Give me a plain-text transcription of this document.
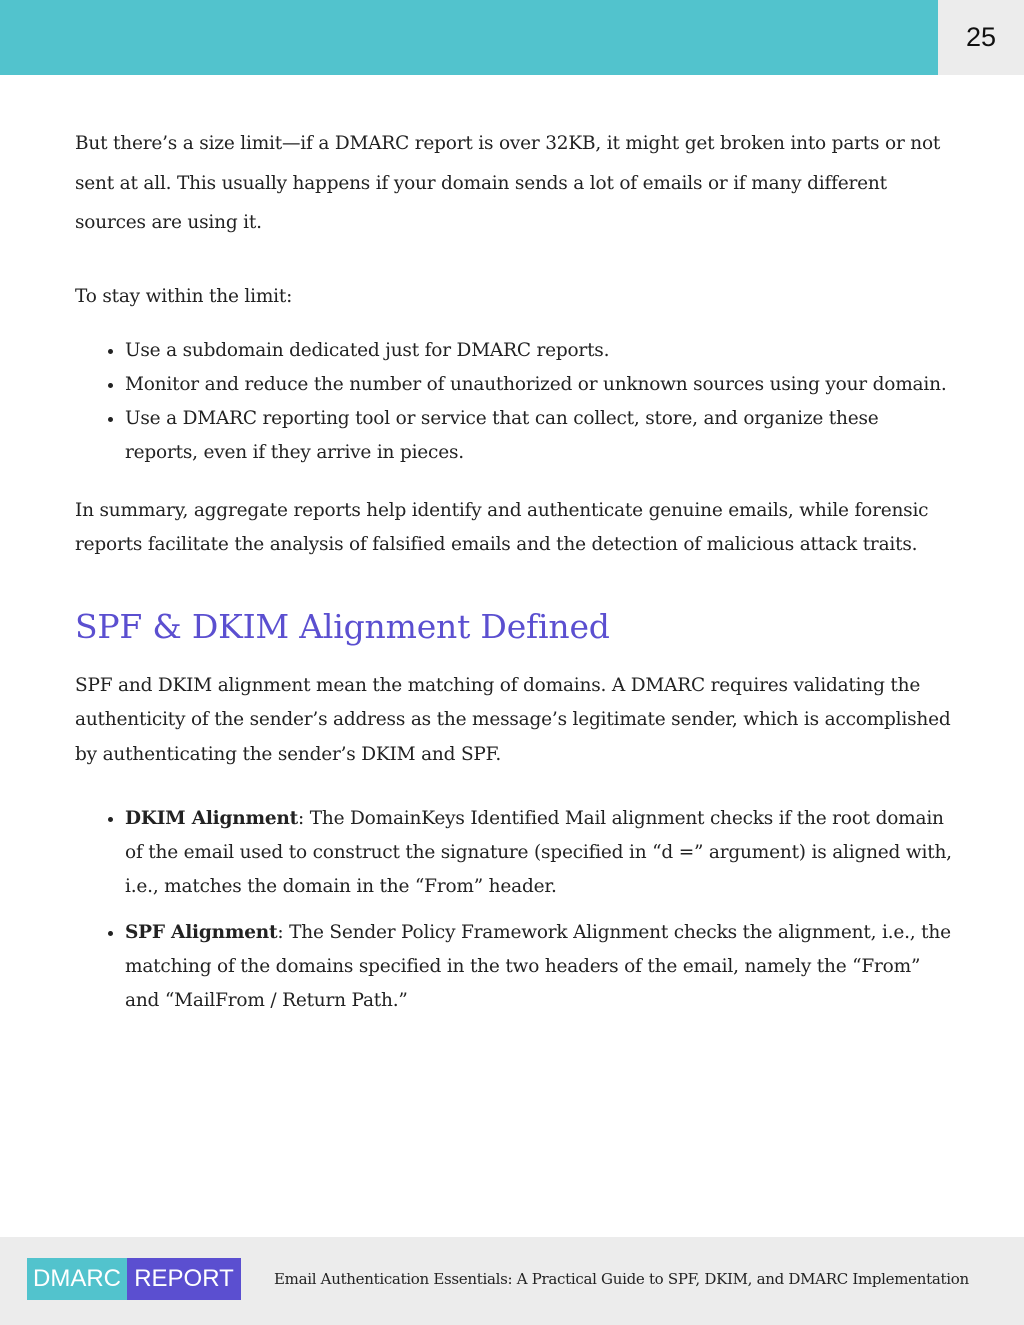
25

But there’s a size limit—if a DMARC report is over 32KB, it might get broken into parts or not sent at all. This usually happens if your domain sends a lot of emails or if many different sources are using it.

To stay within the limit:

• Use a subdomain dedicated just for DMARC reports.
• Monitor and reduce the number of unauthorized or unknown sources using your domain.
• Use a DMARC reporting tool or service that can collect, store, and organize these reports, even if they arrive in pieces.

In summary, aggregate reports help identify and authenticate genuine emails, while forensic reports facilitate the analysis of falsified emails and the detection of malicious attack traits.

SPF & DKIM Alignment Defined

SPF and DKIM alignment mean the matching of domains. A DMARC requires validating the authenticity of the sender’s address as the message’s legitimate sender, which is accomplished by authenticating the sender’s DKIM and SPF.

• DKIM Alignment: The DomainKeys Identified Mail alignment checks if the root domain of the email used to construct the signature (specified in “d =” argument) is aligned with, i.e., matches the domain in the “From” header.
• SPF Alignment: The Sender Policy Framework Alignment checks the alignment, i.e., the matching of the domains specified in the two headers of the email, namely the “From” and “MailFrom / Return Path.”
DMARC REPORT	Email Authentication Essentials: A Practical Guide to SPF, DKIM, and DMARC Implementation
